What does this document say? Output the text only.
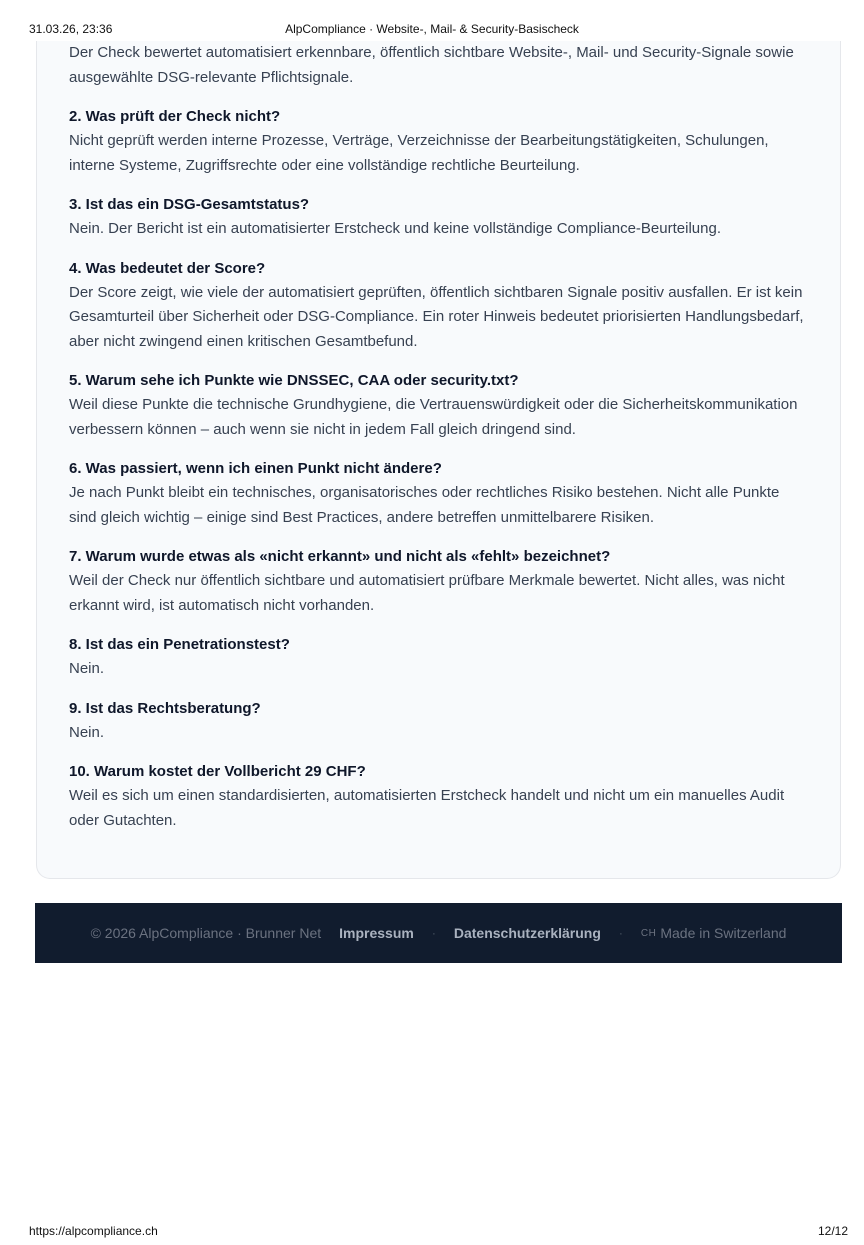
31.03.26, 23:36	AlpCompliance · Website-, Mail- & Security-Basischeck

Der Check bewertet automatisiert erkennbare, öffentlich sichtbare Website-, Mail- und Security-Signale sowie ausgewählte DSG-relevante Pflichtsignale.

2. Was prüft der Check nicht?

Nicht geprüft werden interne Prozesse, Verträge, Verzeichnisse der Bearbeitungstätigkeiten, Schulungen, interne Systeme, Zugriffsrechte oder eine vollständige rechtliche Beurteilung.

3. Ist das ein DSG-Gesamtstatus?

Nein. Der Bericht ist ein automatisierter Erstcheck und keine vollständige Compliance-Beurteilung.

4. Was bedeutet der Score?

Der Score zeigt, wie viele der automatisiert geprüften, öffentlich sichtbaren Signale positiv ausfallen. Er ist kein Gesamturteil über Sicherheit oder DSG-Compliance. Ein roter Hinweis bedeutet priorisierten Handlungsbedarf, aber nicht zwingend einen kritischen Gesamtbefund.

5. Warum sehe ich Punkte wie DNSSEC, CAA oder security.txt?

Weil diese Punkte die technische Grundhygiene, die Vertrauenswürdigkeit oder die Sicherheitskommunikation verbessern können – auch wenn sie nicht in jedem Fall gleich dringend sind.

6. Was passiert, wenn ich einen Punkt nicht ändere?

Je nach Punkt bleibt ein technisches, organisatorisches oder rechtliches Risiko bestehen. Nicht alle Punkte sind gleich wichtig – einige sind Best Practices, andere betreffen unmittelbarere Risiken.

7. Warum wurde etwas als «nicht erkannt» und nicht als «fehlt» bezeichnet?

Weil der Check nur öffentlich sichtbare und automatisiert prüfbare Merkmale bewertet. Nicht alles, was nicht erkannt wird, ist automatisch nicht vorhanden.

8. Ist das ein Penetrationstest?

Nein.

9. Ist das Rechtsberatung?

Nein.

10. Warum kostet der Vollbericht 29 CHF?

Weil es sich um einen standardisierten, automatisierten Erstcheck handelt und nicht um ein manuelles Audit oder Gutachten.

© 2026 AlpCompliance · Brunner Net Impressum · Datenschutzerklärung · CH Made in Switzerland
https://alpcompliance.ch	12/12
